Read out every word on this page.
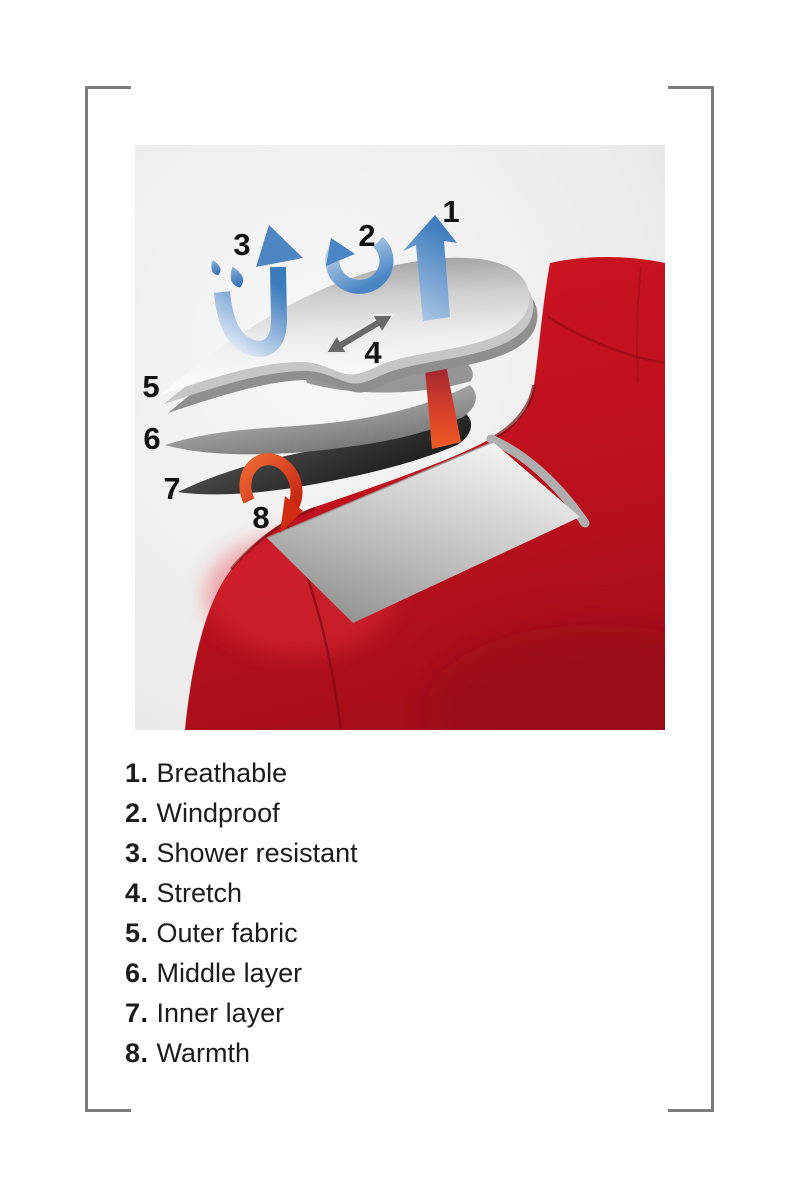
1
2
3
4
5
6
7
8
1. Breathable
2. Windproof
3. Shower resistant
4. Stretch
5. Outer fabric
6. Middle layer
7. Inner layer
8. Warmth
